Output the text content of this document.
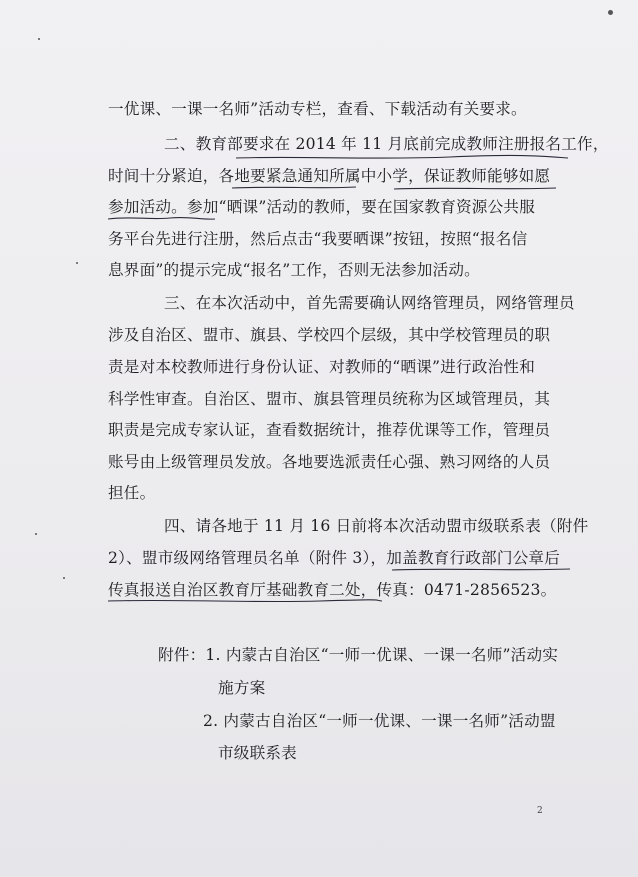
一优课、一课一名师”活动专栏，查看、下载活动有关要求。
二、教育部要求在 2014 年 11 月底前完成教师注册报名工作，
时间十分紧迫，各地要紧急通知所属中小学，保证教师能够如愿
参加活动。参加“晒课”活动的教师，要在国家教育资源公共服
务平台先进行注册，然后点击“我要晒课”按钮，按照“报名信
息界面”的提示完成“报名”工作，否则无法参加活动。
三、在本次活动中，首先需要确认网络管理员，网络管理员
涉及自治区、盟市、旗县、学校四个层级，其中学校管理员的职
责是对本校教师进行身份认证、对教师的“晒课”进行政治性和
科学性审查。自治区、盟市、旗县管理员统称为区域管理员，其
职责是完成专家认证，查看数据统计，推荐优课等工作，管理员
账号由上级管理员发放。各地要选派责任心强、熟习网络的人员
担任。
四、请各地于 11 月 16 日前将本次活动盟市级联系表（附件
2）、盟市级网络管理员名单（附件 3），加盖教育行政部门公章后
传真报送自治区教育厅基础教育二处，传真：0471-2856523。
附件：1. 内蒙古自治区“一师一优课、一课一名师”活动实
施方案
2. 内蒙古自治区“一师一优课、一课一名师”活动盟
市级联系表
2
